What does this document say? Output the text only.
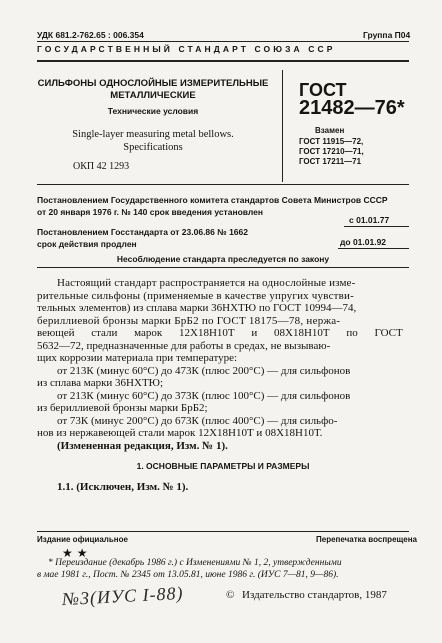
УДК 681.2-762.65 : 006.354	Группа П04
ГОСУДАРСТВЕННЫЙ СТАНДАРТ СОЮЗА ССР
СИЛЬФОНЫ ОДНОСЛОЙНЫЕ ИЗМЕРИТЕЛЬНЫЕ
МЕТАЛЛИЧЕСКИЕ
Технические условия
Single-layer measuring metal bellows.
Specifications
ОКП 42 1293
ГОСТ
21482—76*
Взамен
ГОСТ 11915—72,
ГОСТ 17210—71,
ГОСТ 17211—71
Постановлением Государственного комитета стандартов Совета Министров СССР
от 20 января 1976 г. № 140 срок введения установлен
с 01.01.77
Постановлением Госстандарта от 23.06.86 № 1662
срок действия продлен	до 01.01.92
Несоблюдение стандарта преследуется по закону
Настоящий стандарт распространяется на однослойные изме-
рительные сильфоны (применяемые в качестве упругих чувстви-
тельных элементов) из сплава марки 36НХТЮ по ГОСТ 10994—74,
бериллиевой бронзы марки БрБ2 по ГОСТ 18175—78, нержа-
веющей стали марок 12Х18Н10Т и 08Х18Н10Т по ГОСТ
5632—72, предназначенные для работы в средах, не вызываю-
щих коррозии материала при температуре:
от 213К (минус 60°С) до 473К (плюс 200°С) — для сильфонов
из сплава марки 36НХТЮ;
от 213К (минус 60°С) до 373К (плюс 100°С) — для сильфонов
из бериллиевой бронзы марки БрБ2;
от 73К (минус 200°С) до 673К (плюс 400°С) — для сильфо-
нов из нержавеющей стали марок 12Х18Н10Т и 08Х18Н10Т.
(Измененная редакция, Изм. № 1).
1. ОСНОВНЫЕ ПАРАМЕТРЫ И РАЗМЕРЫ
1.1. (Исключен, Изм. № 1).
Издание официальное	Перепечатка воспрещена
★★
* Переиздание (декабрь 1986 г.) с Изменениями № 1, 2, утвержденными
в мае 1981 г., Пост. № 2345 от 13.05.81, июне 1986 г. (ИУС 7—81, 9—86).
№3(ИУС I-88)	© Издательство стандартов, 1987
